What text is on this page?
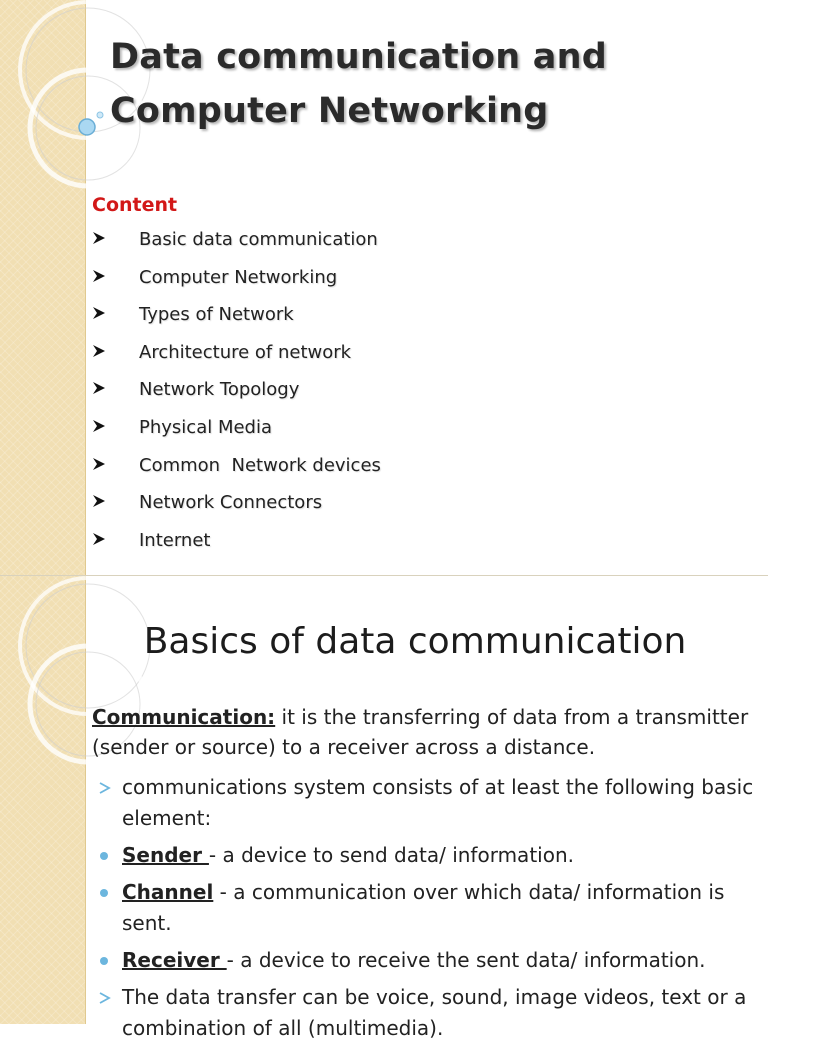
Data communication and
Computer Networking
Content
Basic data communication
Computer Networking
Types of Network
Architecture of network
Network Topology
Physical Media
Common  Network devices
Network Connectors
Internet
Basics of data communication

Communication: it is the transferring of data from a transmitter (sender or source) to a receiver across a distance.

communications system consists of at least the following basic element:
Sender - a device to send data/ information.
Channel - a communication over which data/ information is sent.
Receiver - a device to receive the sent data/ information.
The data transfer can be voice, sound, image videos, text or a combination of all (multimedia).
